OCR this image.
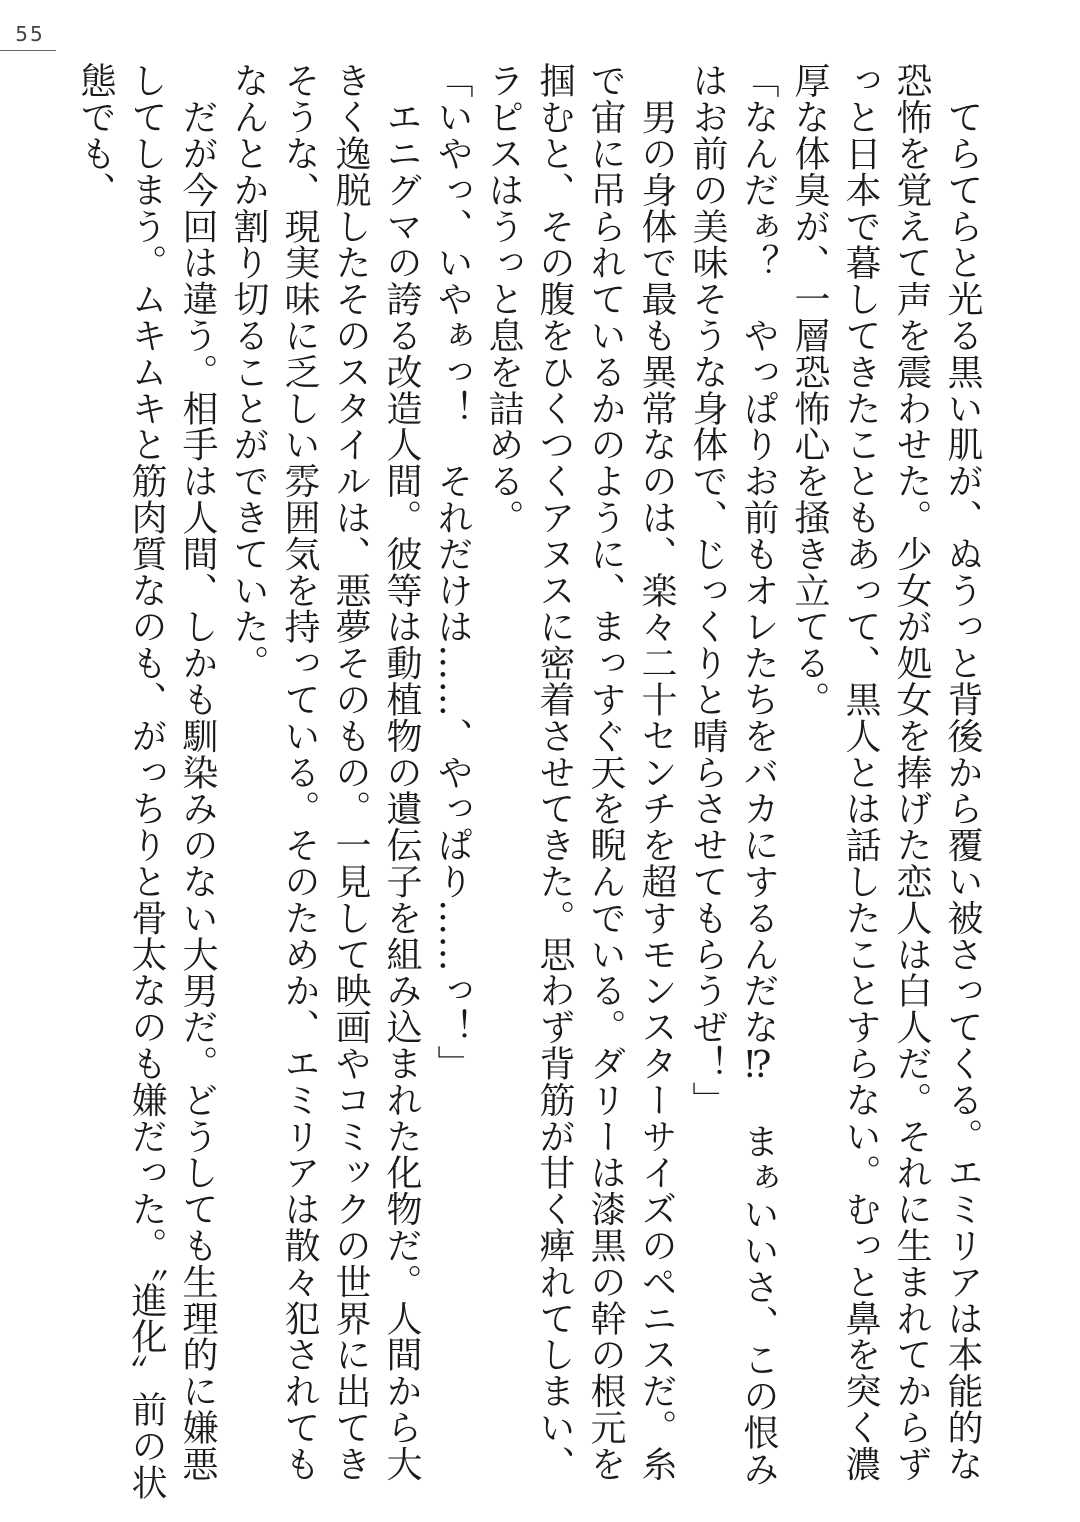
55

　てらてらと光る黒い肌が、ぬうっと背後から覆い被さってくる。エミリアは本能的な恐怖を覚えて声を震わせた。少女が処女を捧げた恋人は白人だ。それに生まれてからずっと日本で暮してきたこともあって、黒人とは話したことすらない。むっと鼻を突く濃厚な体臭が、一層恐怖心を掻き立てる。

「なんだぁ？　やっぱりお前もオレたちをバカにするんだな⁉　まぁいいさ、この恨みはお前の美味そうな身体で、じっくりと晴らさせてもらうぜ！」

　男の身体で最も異常なのは、楽々二十センチを超すモンスターサイズのペニスだ。糸で宙に吊られているかのように、まっすぐ天を睨んでいる。ダリーは漆黒の幹の根元を掴むと、その腹をひくつくアヌスに密着させてきた。思わず背筋が甘く痺れてしまい、ラピスはうっと息を詰める。

「いやっ、いやぁっ！　それだけは……、やっぱり……っ！」

　エニグマの誇る改造人間。彼等は動植物の遺伝子を組み込まれた化物だ。人間から大きく逸脱したそのスタイルは、悪夢そのもの。一見して映画やコミックの世界に出てきそうな、現実味に乏しい雰囲気を持っている。そのためか、エミリアは散々犯されてもなんとか割り切ることができていた。

　だが今回は違う。相手は人間、しかも馴染みのない大男だ。どうしても生理的に嫌悪してしまう。ムキムキと筋肉質なのも、がっちりと骨太なのも嫌だった。〝進化〟前の状態でも、
